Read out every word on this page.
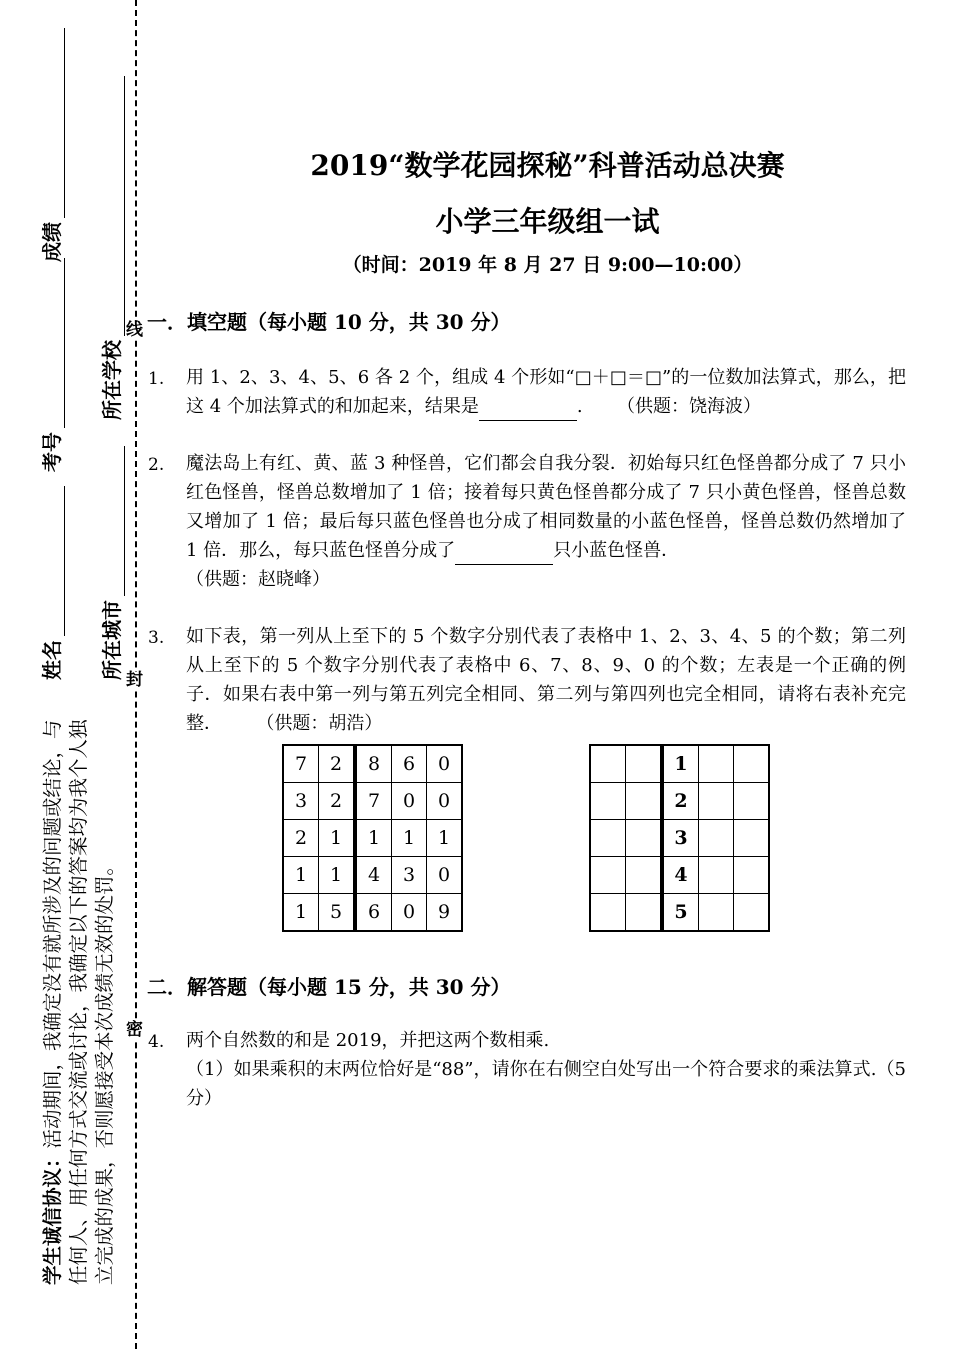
线
封
密
成绩
考号
姓名
所在学校
所在城市
学生诚信协议：活动期间，我确定没有就所涉及的问题或结论，与任何人、用任何方式交流或讨论，我确定以下的答案均为我个人独立完成的成果，否则愿接受本次成绩无效的处罚。
2019“数学花园探秘”科普活动总决赛
小学三年级组一试
（时间：2019 年 8 月 27 日 9:00—10:00）
一．填空题（每小题 10 分，共 30 分）
1. 用 1、2、3、4、5、6 各 2 个，组成 4 个形如“□＋□＝□”的一位数加法算式，那么，把这 4 个加法算式的和加起来，结果是	. （供题：饶海波）
2. 魔法岛上有红、黄、蓝 3 种怪兽，它们都会自我分裂．初始每只红色怪兽都分成了 7 只小红色怪兽，怪兽总数增加了 1 倍；接着每只黄色怪兽都分成了 7 只小黄色怪兽，怪兽总数又增加了 1 倍；最后每只蓝色怪兽也分成了相同数量的小蓝色怪兽，怪兽总数仍然增加了 1 倍．那么，每只蓝色怪兽分成了	只小蓝色怪兽．
（供题：赵晓峰）
3. 如下表，第一列从上至下的 5 个数字分别代表了表格中 1、2、3、4、5 的个数；第二列从上至下的 5 个数字分别代表了表格中 6、7、8、9、0 的个数；左表是一个正确的例子．如果右表中第一列与第五列完全相同、第二列与第四列也完全相同，请将右表补充完整． （供题：胡浩）
7	2	8	6	0
3	2	7	0	0
2	1	1	1	1
1	1	4	3	0
1	5	6	0	9
		1		
		2		
		3		
		4		
		5		
二．解答题（每小题 15 分，共 30 分）
4. 两个自然数的和是 2019，并把这两个数相乘.
（1）如果乘积的末两位恰好是“88”，请你在右侧空白处写出一个符合要求的乘法算式.（5 分）
